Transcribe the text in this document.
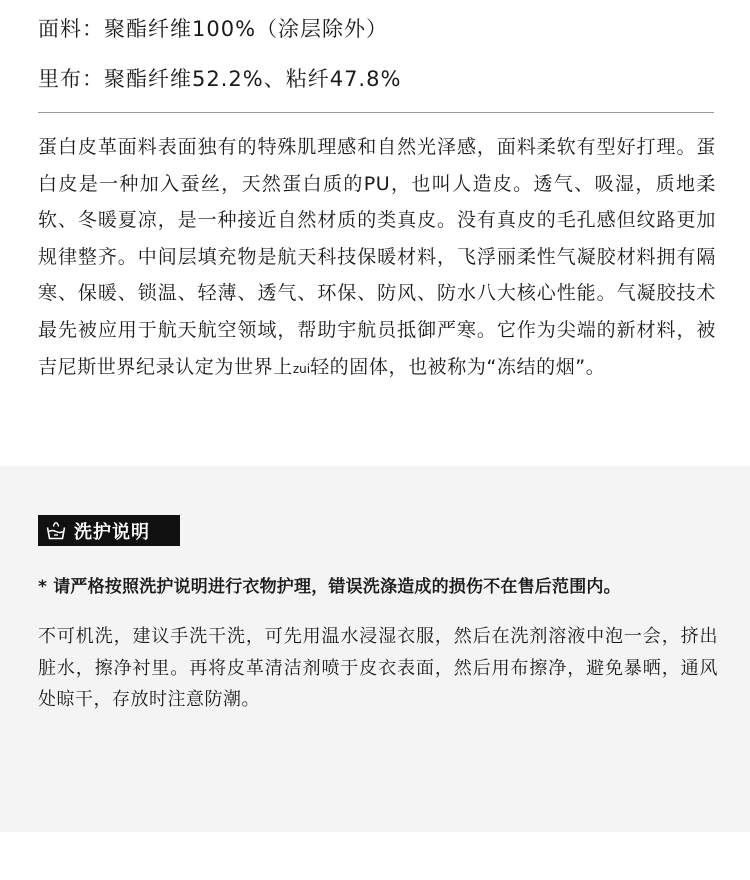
面料：聚酯纤维100%（涂层除外）
里布：聚酯纤维52.2%、粘纤47.8%

蛋白皮革面料表面独有的特殊肌理感和自然光泽感，面料柔软有型好打理。蛋白皮是一种加入蚕丝，天然蛋白质的PU，也叫人造皮。透气、吸湿，质地柔软、冬暖夏凉，是一种接近自然材质的类真皮。没有真皮的毛孔感但纹路更加规律整齐。中间层填充物是航天科技保暖材料，飞浮丽柔性气凝胶材料拥有隔寒、保暖、锁温、轻薄、透气、环保、防风、防水八大核心性能。气凝胶技术最先被应用于航天航空领域，帮助宇航员抵御严寒。它作为尖端的新材料，被吉尼斯世界纪录认定为世界上zui轻的固体，也被称为“冻结的烟”。

洗护说明
* 请严格按照洗护说明进行衣物护理，错误洗涤造成的损伤不在售后范围内。

不可机洗，建议手洗干洗，可先用温水浸湿衣服，然后在洗剂溶液中泡一会，挤出脏水，擦净衬里。再将皮革清洁剂喷于皮衣表面，然后用布擦净，避免暴晒，通风处晾干，存放时注意防潮。
